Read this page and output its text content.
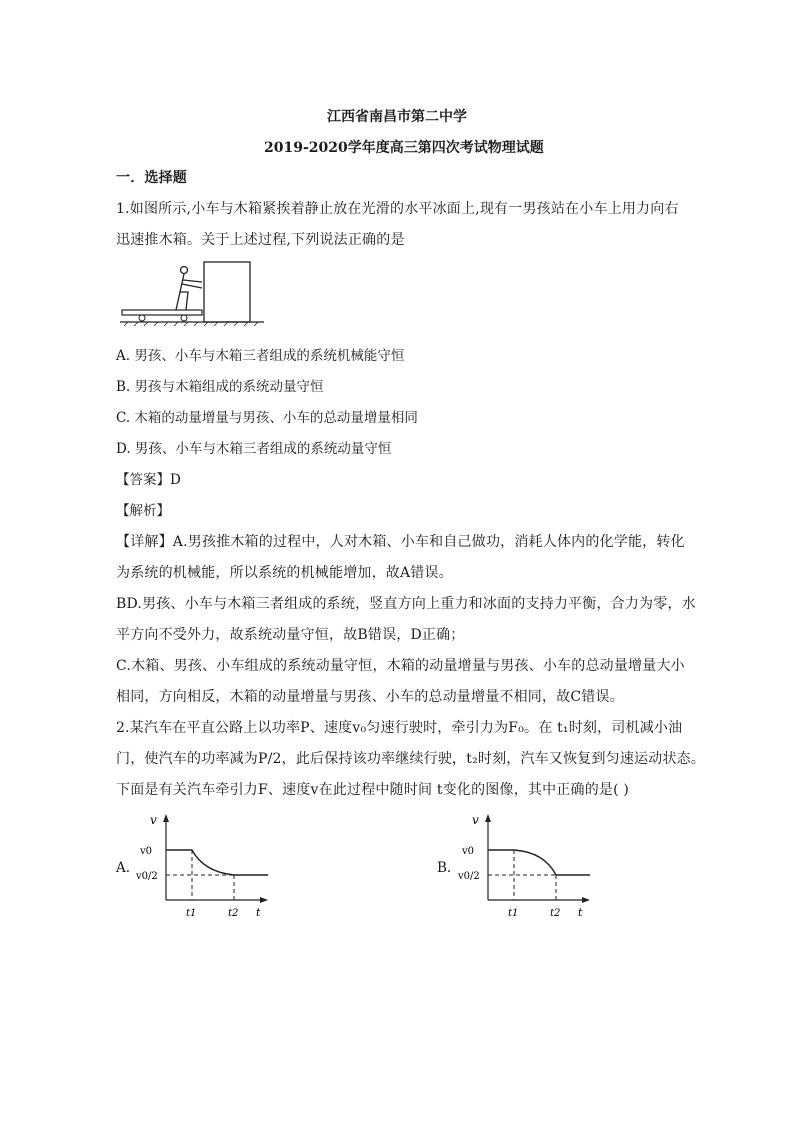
江西省南昌市第二中学
2019-2020学年度高三第四次考试物理试题
一．选择题
1.如图所示,小车与木箱紧挨着静止放在光滑的水平冰面上,现有一男孩站在小车上用力向右
迅速推木箱。关于上述过程,下列说法正确的是
A. 男孩、小车与木箱三者组成的系统机械能守恒
B. 男孩与木箱组成的系统动量守恒
C. 木箱的动量增量与男孩、小车的总动量增量相同
D. 男孩、小车与木箱三者组成的系统动量守恒
【答案】D
【解析】
【详解】A.男孩推木箱的过程中，人对木箱、小车和自己做功，消耗人体内的化学能，转化
为系统的机械能，所以系统的机械能增加，故A错误。
BD.男孩、小车与木箱三者组成的系统，竖直方向上重力和冰面的支持力平衡，合力为零，水
平方向不受外力，故系统动量守恒，故B错误，D正确；
C.木箱、男孩、小车组成的系统动量守恒，木箱的动量增量与男孩、小车的总动量增量大小
相同，方向相反，木箱的动量增量与男孩、小车的总动量增量不相同，故C错误。
2.某汽车在平直公路上以功率P、速度v₀匀速行驶时，牵引力为F₀。在 t₁时刻，司机减小油
门，使汽车的功率减为P/2，此后保持该功率继续行驶，t₂时刻，汽车又恢复到匀速运动状态。
下面是有关汽车牵引力F、速度v在此过程中随时间 t变化的图像，其中正确的是( )
A.
v
v0
v0/2
t1	t2 t
B.
v
v0
v0/2
t1	t2 t
